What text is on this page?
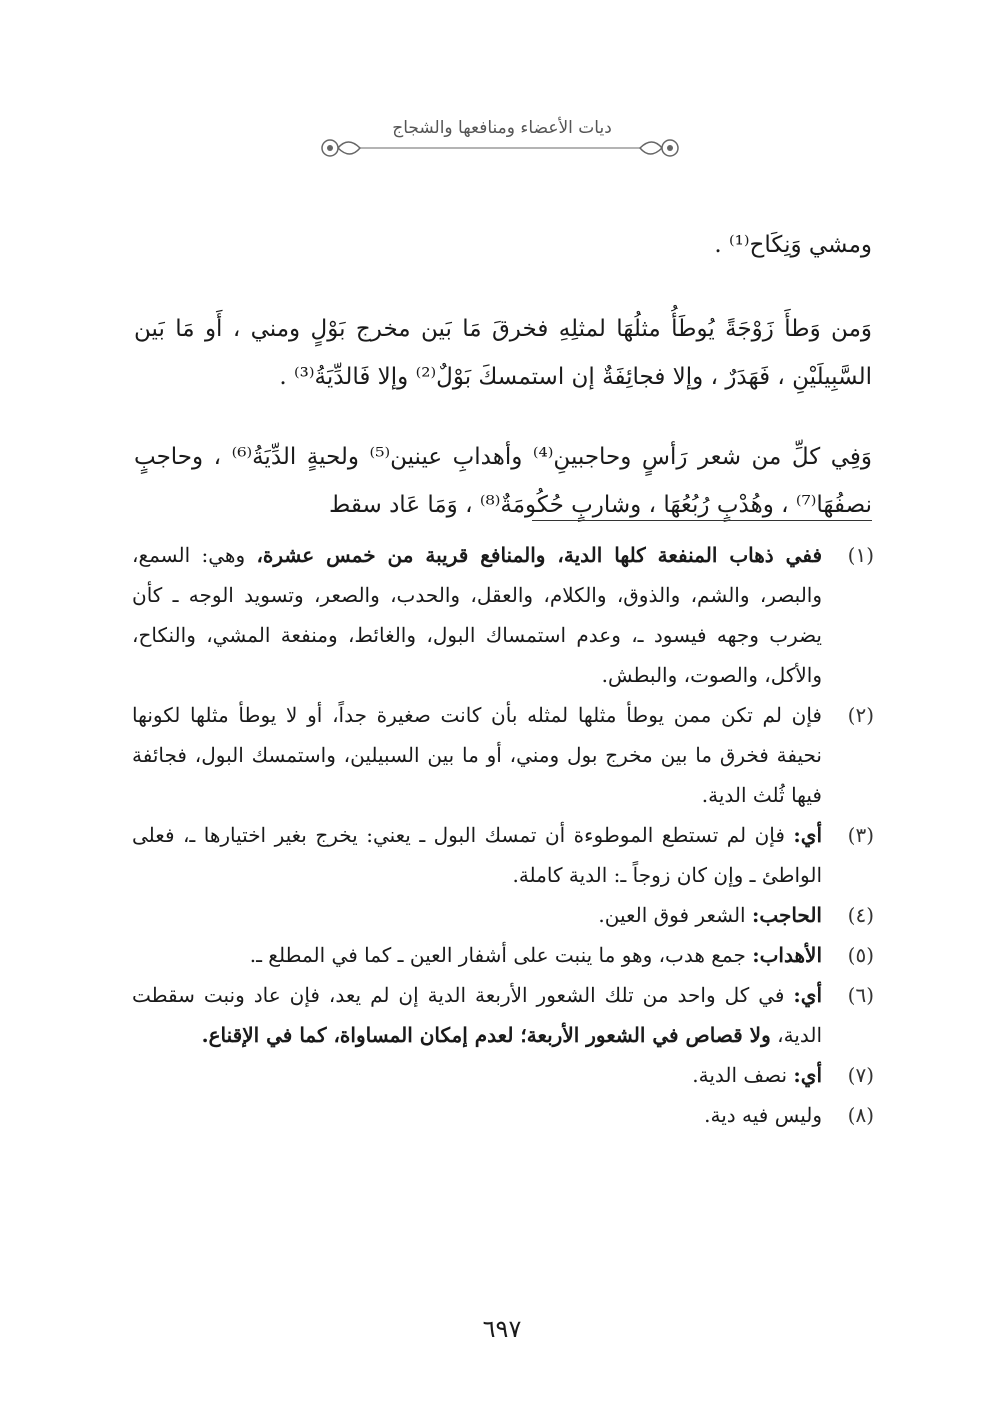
ديات الأعضاء ومنافعها والشجاج

ومشي وَنِكَاح⁽¹⁾ .

وَمن وَطأَ زَوْجَةً يُوطَأُ مثلُهَا لمثلِهِ فخرقَ مَا بَين مخرج بَوْلٍ ومني ، أَو مَا بَين السَّبِيلَيْنِ ، فَهَدَرٌ ، وإلا فجائِفَةٌ إن استمسكَ بَوْلٌ⁽²⁾ وإلا فَالدِّيَةُ⁽³⁾ .

وَفِي كلِّ من شعر رَأسٍ وحاجبينِ⁽⁴⁾ وأهدابِ عينين⁽⁵⁾ ولحيةٍ الدِّيَةُ⁽⁶⁾ ، وحاجبٍ نصفُهَا⁽⁷⁾ ، وهُدْبٍ رُبُعُهَا ، وشاربٍ حُكُومَةٌ⁽⁸⁾ ، وَمَا عَاد سقط

(١)
ففي ذهاب المنفعة كلها الدية، والمنافع قريبة من خمس عشرة، وهي: السمع، والبصر، والشم، والذوق، والكلام، والعقل، والحدب، والصعر، وتسويد الوجه ـ كأن يضرب وجهه فيسود ـ، وعدم استمساك البول، والغائط، ومنفعة المشي، والنكاح، والأكل، والصوت، والبطش.

(٢)
فإن لم تكن ممن يوطأ مثلها لمثله بأن كانت صغيرة جداً، أو لا يوطأ مثلها لكونها نحيفة فخرق ما بين مخرج بول ومني، أو ما بين السبيلين، واستمسك البول، فجائفة فيها ثُلث الدية.

(٣)
أي: فإن لم تستطع الموطوءة أن تمسك البول ـ يعني: يخرج بغير اختيارها ـ، فعلى الواطئ ـ وإن كان زوجاً ـ: الدية كاملة.

(٤)
الحاجب: الشعر فوق العين.

(٥)
الأهداب: جمع هدب، وهو ما ينبت على أشفار العين ـ كما في المطلع ـ.

(٦)
أي: في كل واحد من تلك الشعور الأربعة الدية إن لم يعد، فإن عاد ونبت سقطت الدية، ولا قصاص في الشعور الأربعة؛ لعدم إمكان المساواة، كما في الإقناع.

(٧)
أي: نصف الدية.

(٨)
وليس فيه دية.

٦٩٧
